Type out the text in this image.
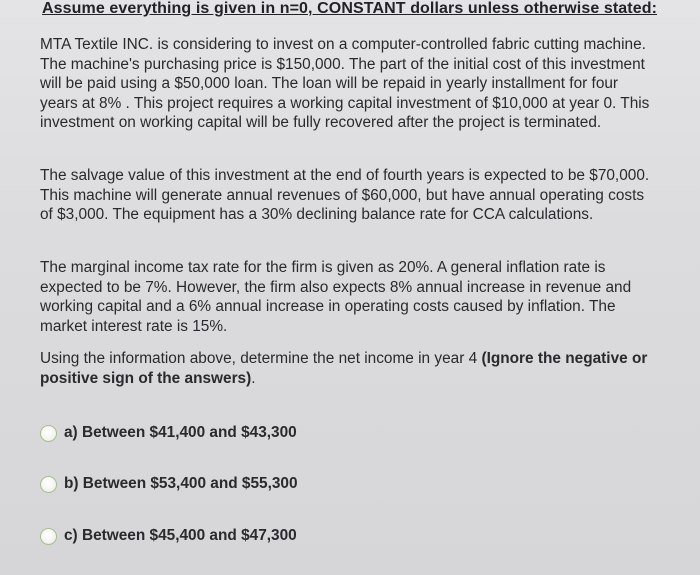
Assume everything is given in n=0, CONSTANT dollars unless otherwise stated:

MTA Textile INC. is considering to invest on a computer-controlled fabric cutting machine. The machine's purchasing price is $150,000. The part of the initial cost of this investment will be paid using a $50,000 loan. The loan will be repaid in yearly installment for four years at 8% . This project requires a working capital investment of $10,000 at year 0. This investment on working capital will be fully recovered after the project is terminated.

The salvage value of this investment at the end of fourth years is expected to be $70,000. This machine will generate annual revenues of $60,000, but have annual operating costs of $3,000. The equipment has a 30% declining balance rate for CCA calculations.

The marginal income tax rate for the firm is given as 20%. A general inflation rate is expected to be 7%. However, the firm also expects 8% annual increase in revenue and working capital and a 6% annual increase in operating costs caused by inflation. The market interest rate is 15%.

Using the information above, determine the net income in year 4 (Ignore the negative or positive sign of the answers).

a) Between $41,400 and $43,300
b) Between $53,400 and $55,300
c) Between $45,400 and $47,300
